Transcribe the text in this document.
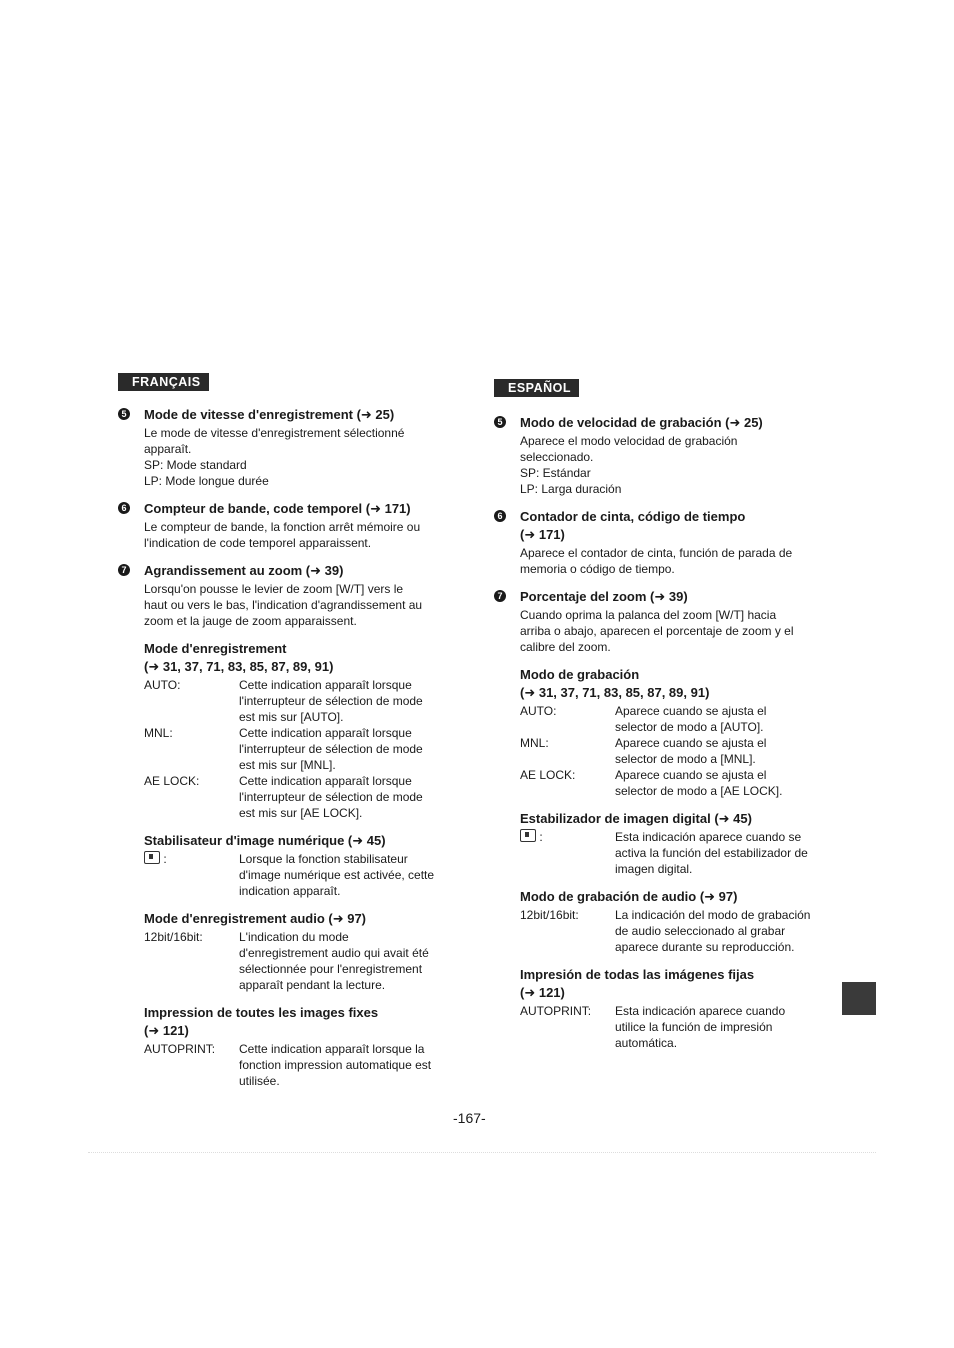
FRANÇAIS
5 Mode de vitesse d'enregistrement (➜ 25)

Le mode de vitesse d'enregistrement sélectionné

apparaît.

SP: Mode standard

LP: Mode longue durée

6 Compteur de bande, code temporel (➜ 171)

Le compteur de bande, la fonction arrêt mémoire ou

l'indication de code temporel apparaissent.

7 Agrandissement au zoom (➜ 39)

Lorsqu'on pousse le levier de zoom [W/T] vers le

haut ou vers le bas, l'indication d'agrandissement au

zoom et la jauge de zoom apparaissent.

Mode d'enregistrement
(➜ 31, 37, 71, 83, 85, 87, 89, 91)
AUTO:	Cette indication apparaît lorsque
l'interrupteur de sélection de mode
est mis sur [AUTO].
MNL:	Cette indication apparaît lorsque
l'interrupteur de sélection de mode
est mis sur [MNL].
AE LOCK:	Cette indication apparaît lorsque
l'interrupteur de sélection de mode
est mis sur [AE LOCK].
Stabilisateur d'image numérique (➜ 45)
:	Lorsque la fonction stabilisateur
d'image numérique est activée, cette
indication apparaît.
Mode d'enregistrement audio (➜ 97)
12bit/16bit:	L'indication du mode
d'enregistrement audio qui avait été
sélectionnée pour l'enregistrement
apparaît pendant la lecture.
Impression de toutes les images fixes
(➜ 121)
AUTOPRINT:	Cette indication apparaît lorsque la
fonction impression automatique est
utilisée.
ESPAÑOL
5 Modo de velocidad de grabación (➜ 25)

Aparece el modo velocidad de grabación

seleccionado.

SP: Estándar

LP: Larga duración

6 Contador de cinta, código de tiempo
(➜ 171)

Aparece el contador de cinta, función de parada de

memoria o código de tiempo.

7 Porcentaje del zoom (➜ 39)

Cuando oprima la palanca del zoom [W/T] hacia

arriba o abajo, aparecen el porcentaje de zoom y el

calibre del zoom.

Modo de grabación
(➜ 31, 37, 71, 83, 85, 87, 89, 91)
AUTO:	Aparece cuando se ajusta el
selector de modo a [AUTO].
MNL:	Aparece cuando se ajusta el
selector de modo a [MNL].
AE LOCK:	Aparece cuando se ajusta el
selector de modo a [AE LOCK].
Estabilizador de imagen digital (➜ 45)
:	Esta indicación aparece cuando se
activa la función del estabilizador de
imagen digital.
Modo de grabación de audio (➜ 97)
12bit/16bit:	La indicación del modo de grabación
de audio seleccionado al grabar
aparece durante su reproducción.
Impresión de todas las imágenes fijas
(➜ 121)
AUTOPRINT:	Esta indicación aparece cuando
utilice la función de impresión
automática.
-167-
